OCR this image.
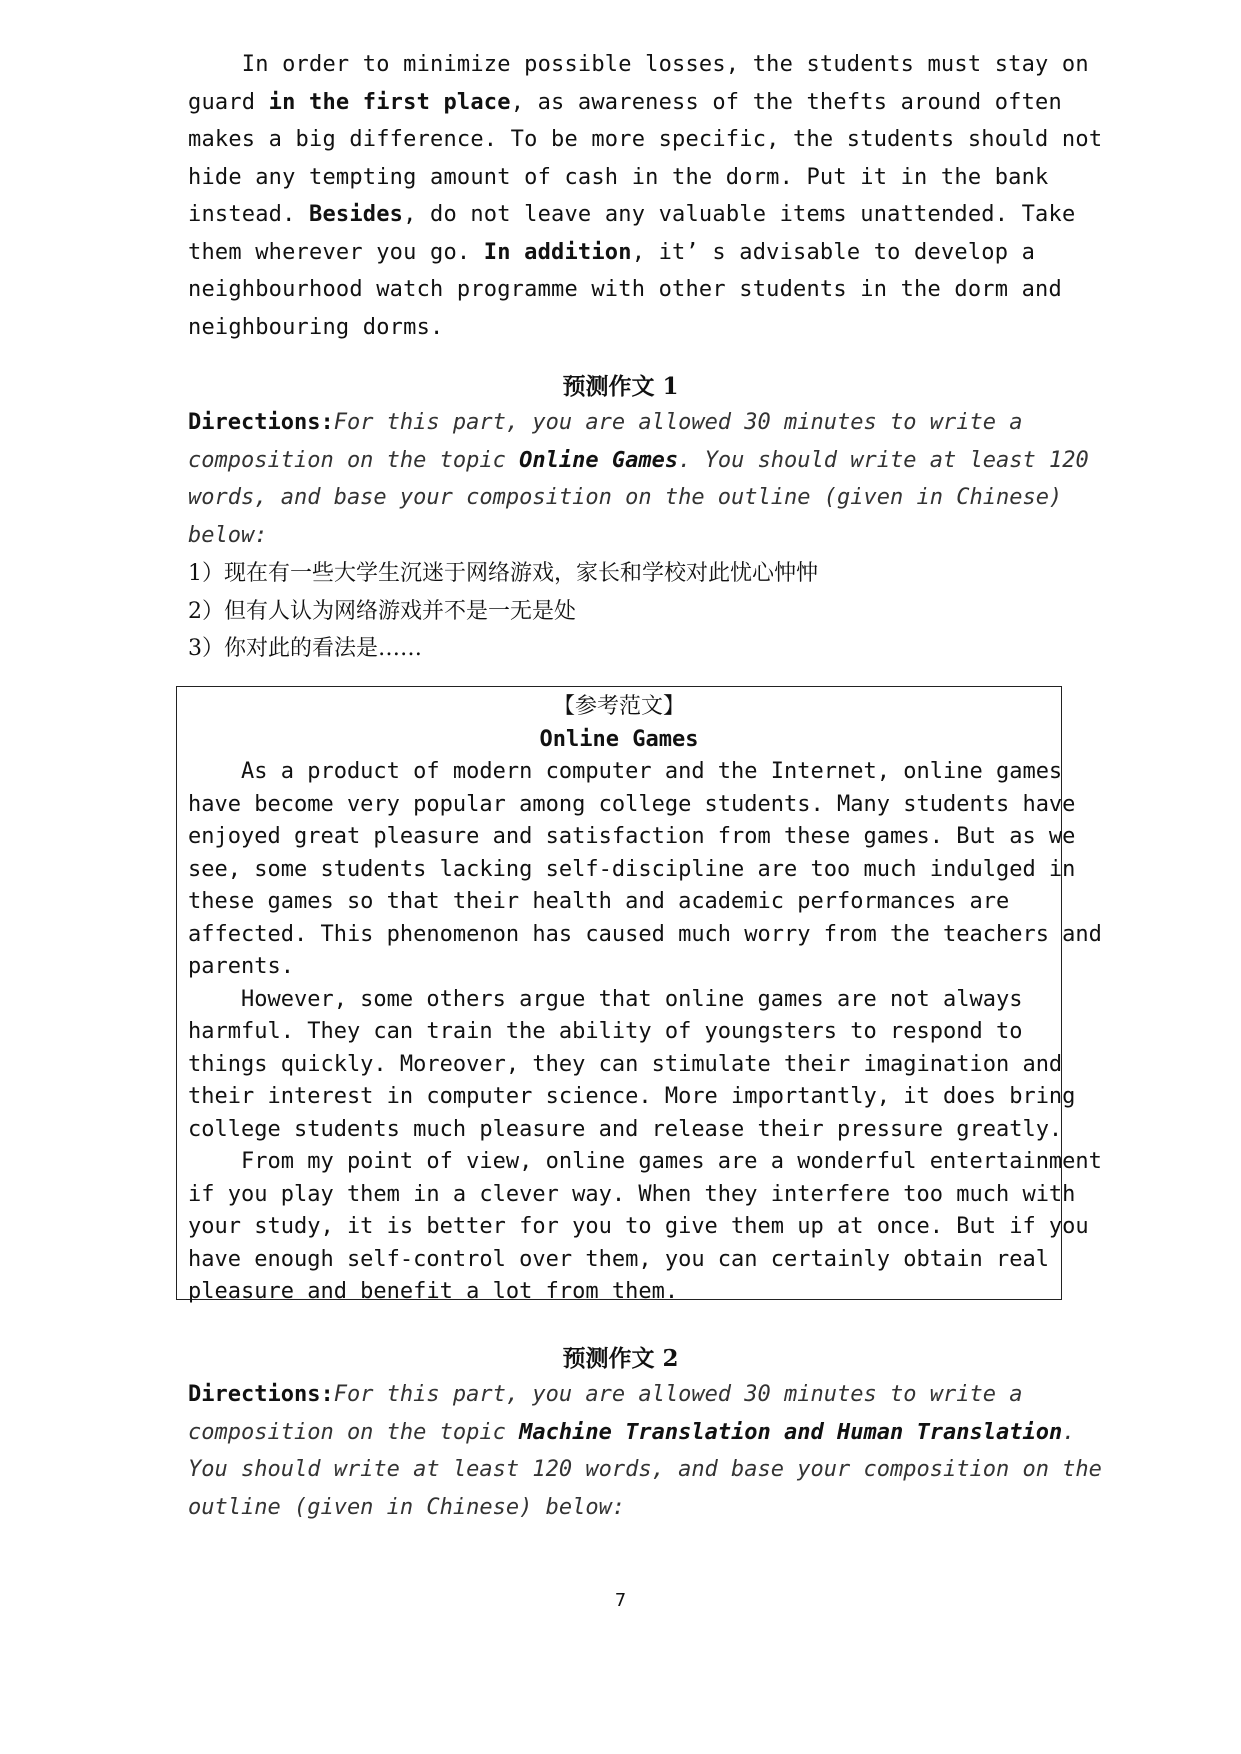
In order to minimize possible losses, the students must stay on
guard in the first place, as awareness of the thefts around often
makes a big difference. To be more specific, the students should not
hide any tempting amount of cash in the dorm. Put it in the bank
instead. Besides, do not leave any valuable items unattended. Take
them wherever you go. In addition, it’ s advisable to develop a
neighbourhood watch programme with other students in the dorm and
neighbouring dorms.
预测作文 1
Directions:For this part, you are allowed 30 minutes to write a
composition on the topic Online Games. You should write at least 120
words, and base your composition on the outline (given in Chinese)
below:
1）现在有一些大学生沉迷于网络游戏，家长和学校对此忧心忡忡
2）但有人认为网络游戏并不是一无是处
3）你对此的看法是……
【参考范文】
Online Games
As a product of modern computer and the Internet, online games
have become very popular among college students. Many students have
enjoyed great pleasure and satisfaction from these games. But as we
see, some students lacking self-discipline are too much indulged in
these games so that their health and academic performances are
affected. This phenomenon has caused much worry from the teachers and
parents.
However, some others argue that online games are not always
harmful. They can train the ability of youngsters to respond to
things quickly. Moreover, they can stimulate their imagination and
their interest in computer science. More importantly, it does bring
college students much pleasure and release their pressure greatly.
From my point of view, online games are a wonderful entertainment
if you play them in a clever way. When they interfere too much with
your study, it is better for you to give them up at once. But if you
have enough self-control over them, you can certainly obtain real
pleasure and benefit a lot from them.
预测作文 2
Directions:For this part, you are allowed 30 minutes to write a
composition on the topic Machine Translation and Human Translation.
You should write at least 120 words, and base your composition on the
outline (given in Chinese) below:
7
